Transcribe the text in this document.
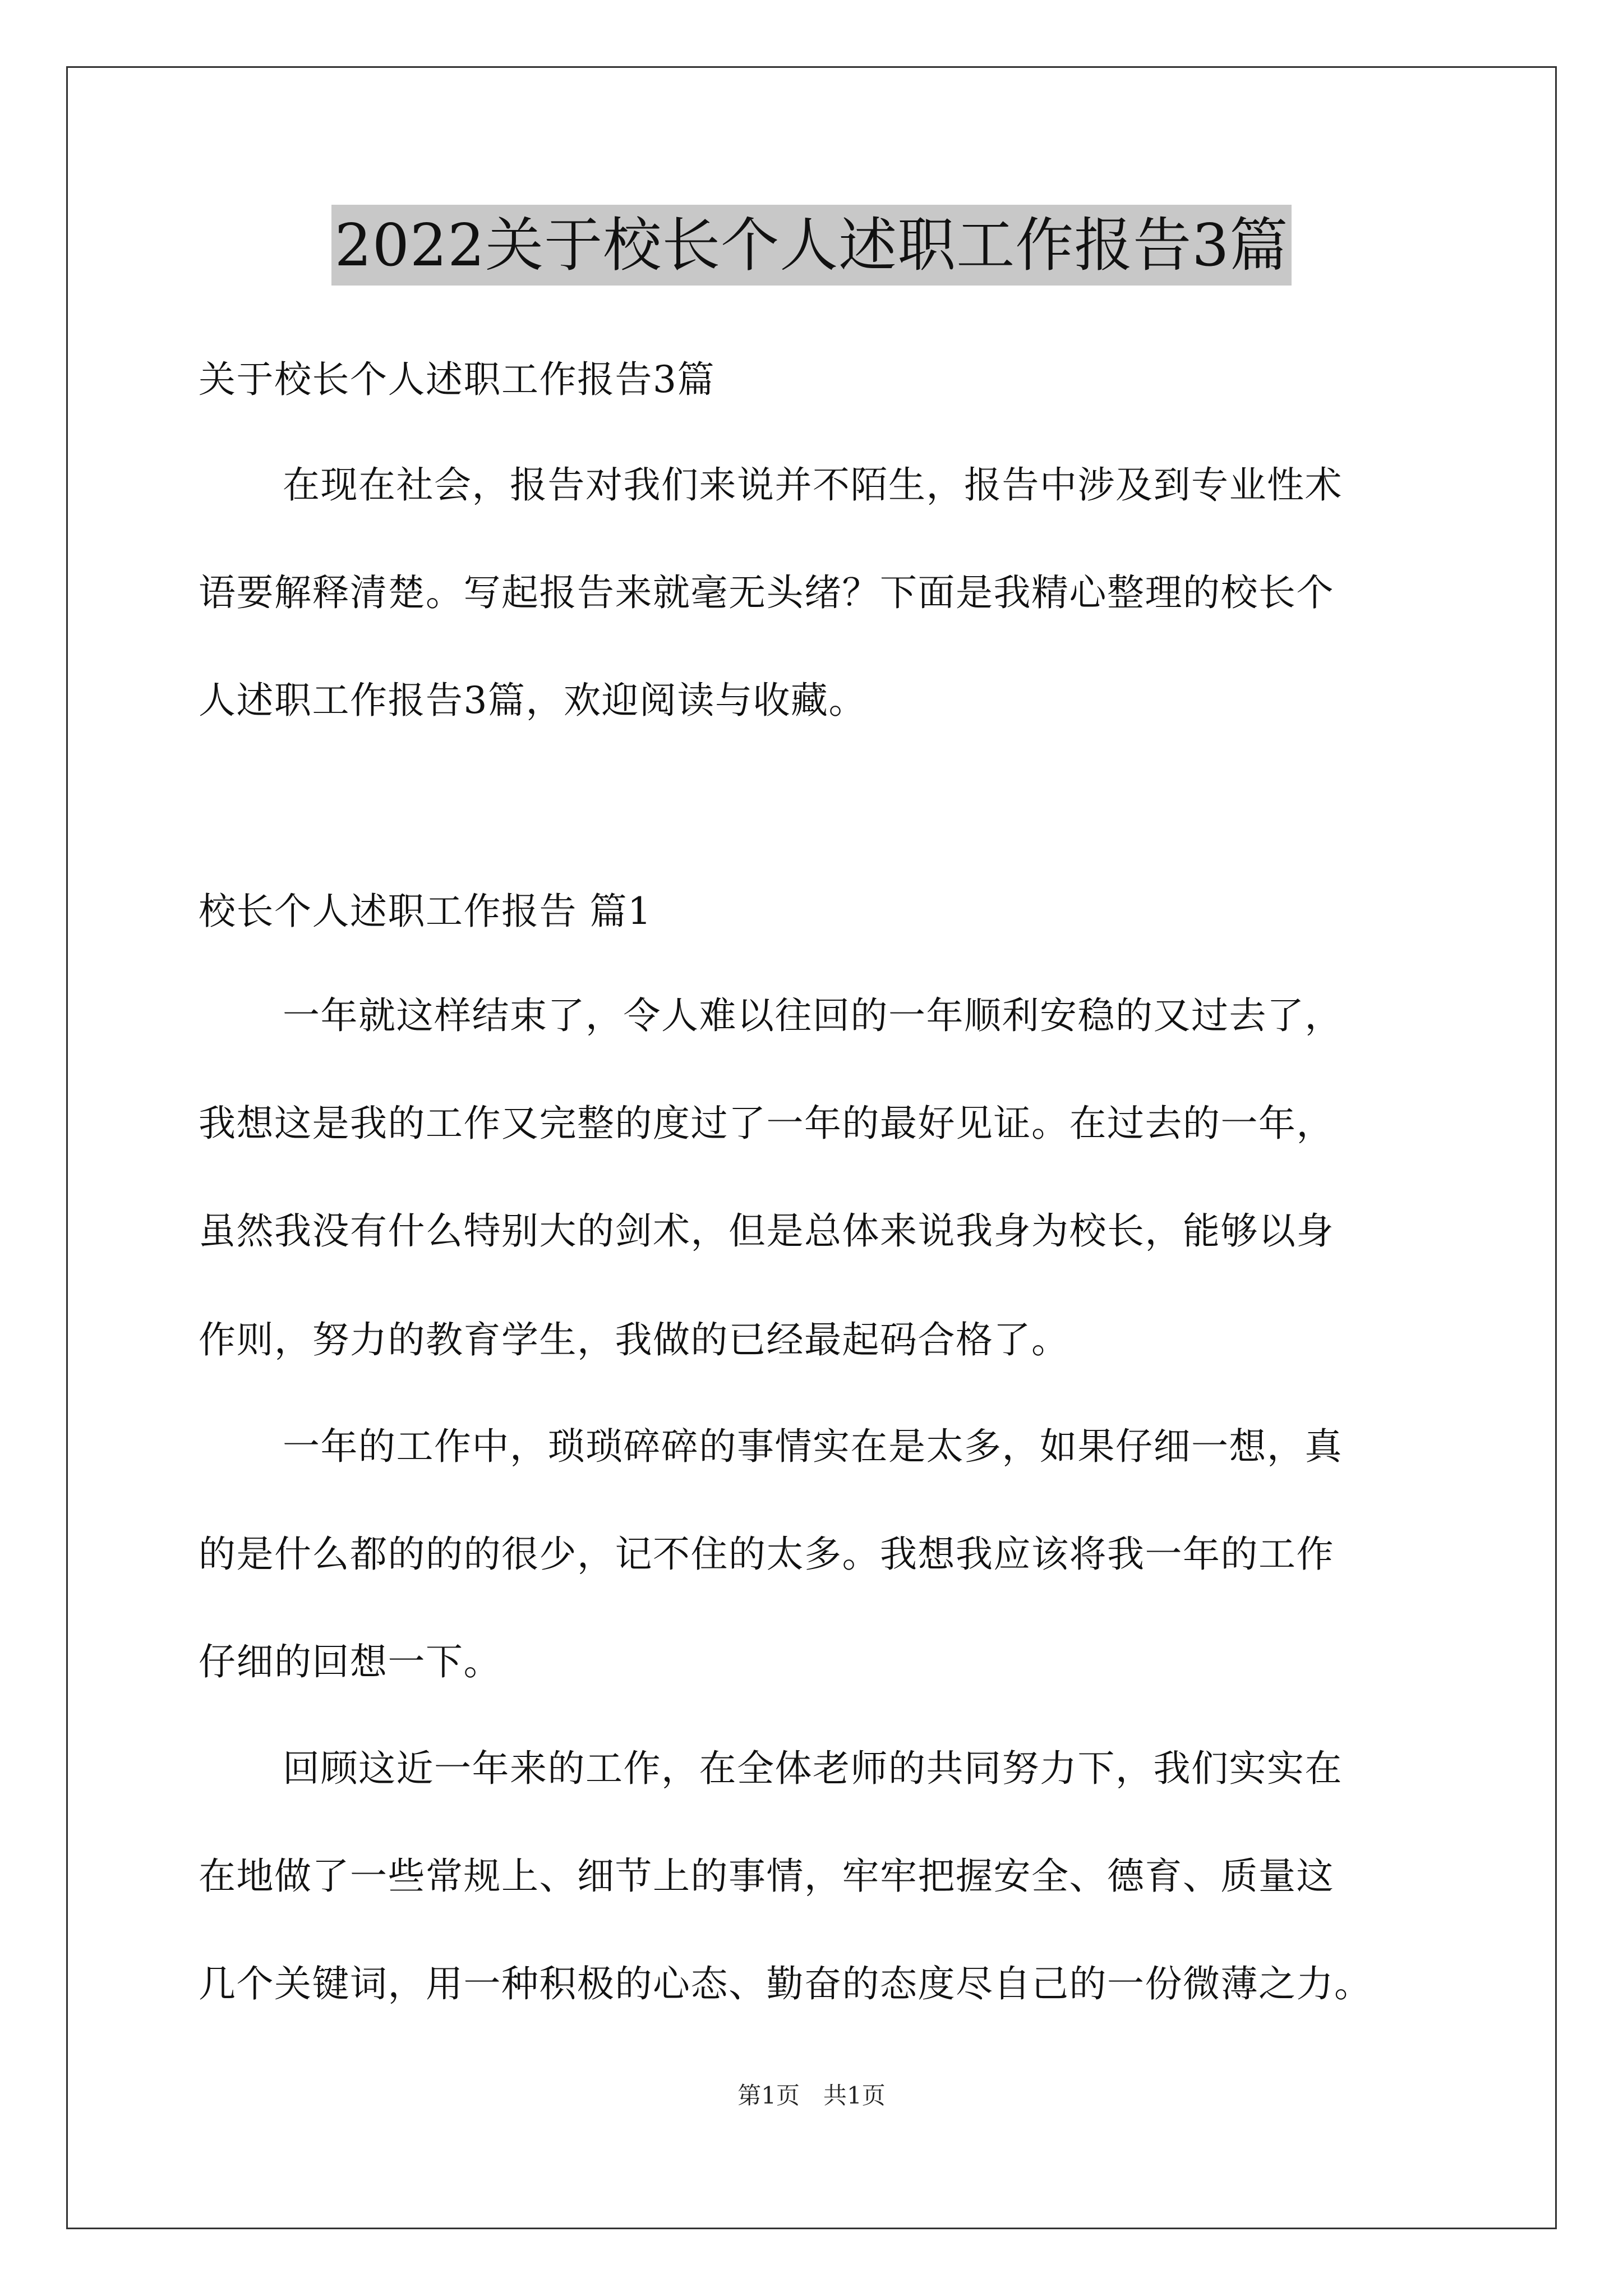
2022关于校长个人述职工作报告3篇
关于校长个人述职工作报告3篇
在现在社会，报告对我们来说并不陌生，报告中涉及到专业性术
语要解释清楚。写起报告来就毫无头绪？下面是我精心整理的校长个
人述职工作报告3篇，欢迎阅读与收藏。
校长个人述职工作报告 篇1
一年就这样结束了，令人难以往回的一年顺利安稳的又过去了，
我想这是我的工作又完整的度过了一年的最好见证。在过去的一年，
虽然我没有什么特别大的剑术，但是总体来说我身为校长，能够以身
作则，努力的教育学生，我做的已经最起码合格了。
一年的工作中，琐琐碎碎的事情实在是太多，如果仔细一想，真
的是什么都的的的很少，记不住的太多。我想我应该将我一年的工作
仔细的回想一下。
回顾这近一年来的工作，在全体老师的共同努力下，我们实实在
在地做了一些常规上、细节上的事情，牢牢把握安全、德育、质量这
几个关键词，用一种积极的心态、勤奋的态度尽自己的一份微薄之力。
第1页　共1页
